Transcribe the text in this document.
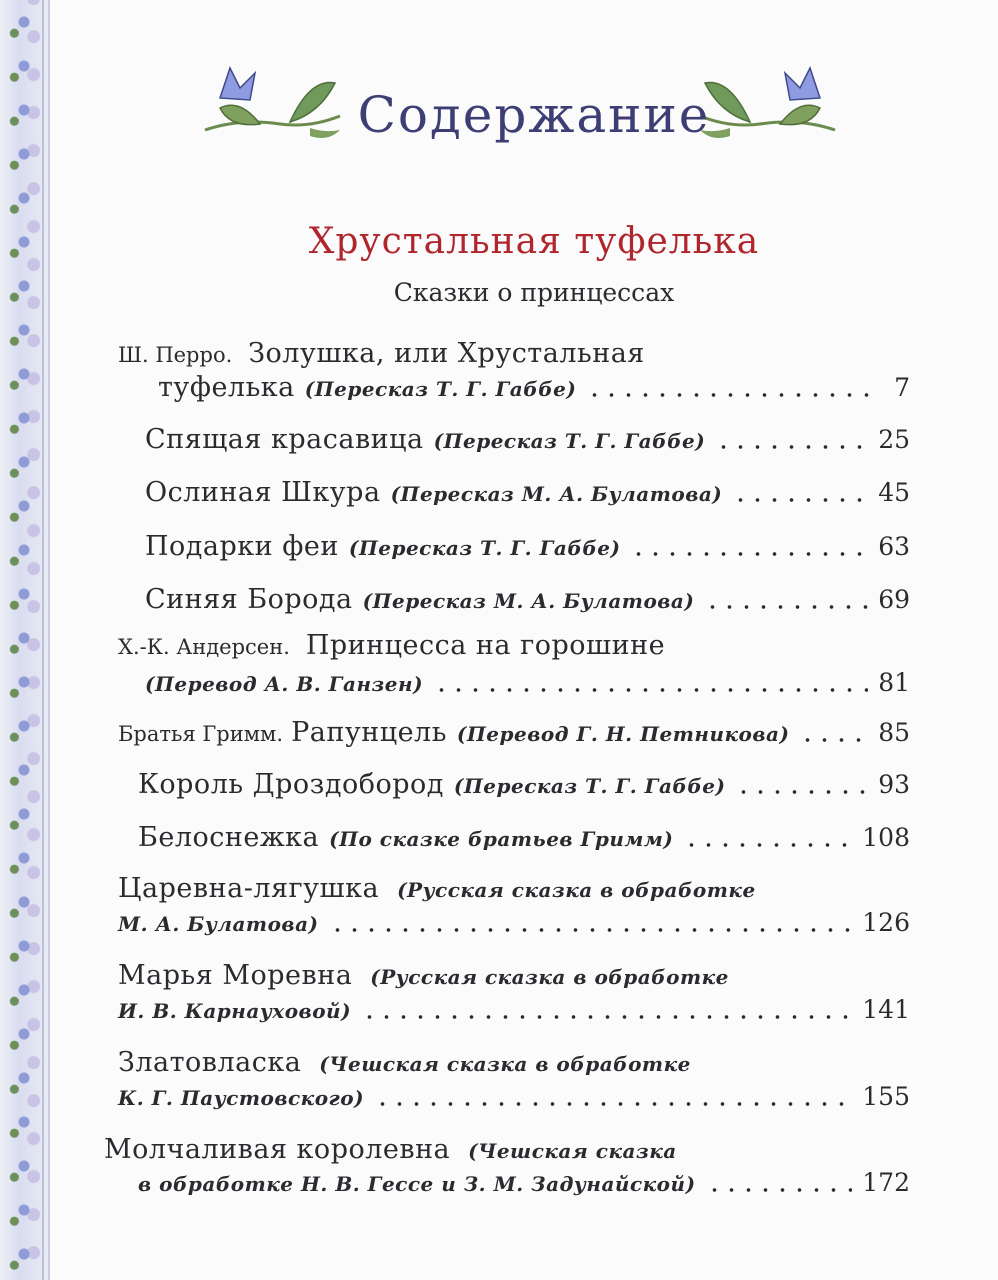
Содержание
Хрустальная туфелька
Сказки о принцессах
Ш. Перро. Золушка, или Хрустальная
туфелька (Пересказ Т. Г. Габбе)	7
Спящая красавица (Пересказ Т. Г. Габбе)	25
Ослиная Шкура (Пересказ М. А. Булатова)	45
Подарки феи (Пересказ Т. Г. Габбе)	63
Синяя Борода (Пересказ М. А. Булатова)	69
Х.-К. Андерсен. Принцесса на горошине
(Перевод А. В. Ганзен)	81
Братья Гримм. Рапунцель (Перевод Г. Н. Петникова)	85
Король Дроздобород (Пересказ Т. Г. Габбе)	93
Белоснежка (По сказке братьев Гримм)	108
Царевна-лягушка (Русская сказка в обработке
М. А. Булатова)	126
Марья Моревна (Русская сказка в обработке
И. В. Карнауховой)	141
Златовласка (Чешская сказка в обработке
К. Г. Паустовского)	155
Молчаливая королевна (Чешская сказка
в обработке Н. В. Гессе и З. М. Задунайской)	172
